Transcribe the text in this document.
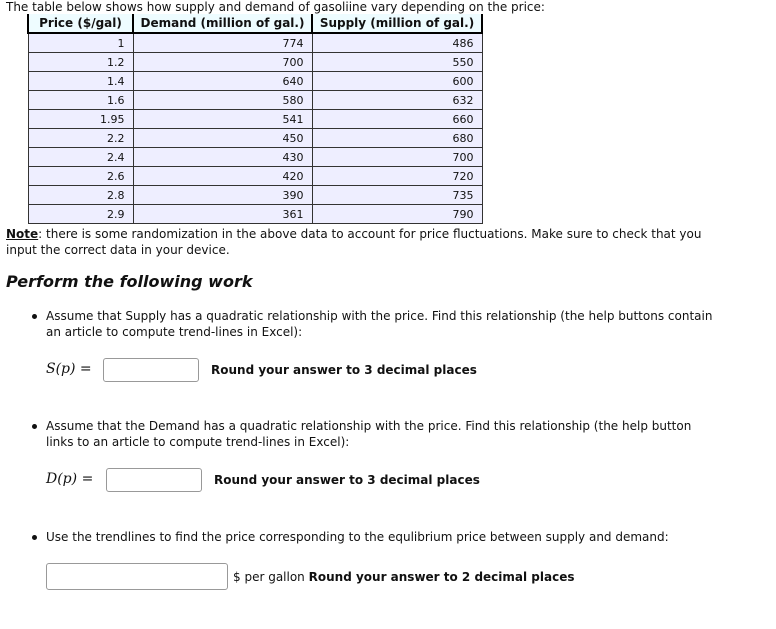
The table below shows how supply and demand of gasoliine vary depending on the price:
Price ($/gal)	Demand (million of gal.)	Supply (million of gal.)
1	774	486
1.2	700	550
1.4	640	600
1.6	580	632
1.95	541	660
2.2	450	680
2.4	430	700
2.6	420	720
2.8	390	735
2.9	361	790
Note: there is some randomization in the above data to account for price fluctuations. Make sure to check that you input the correct data in your device.
Perform the following work
Assume that Supply has a quadratic relationship with the price. Find this relationship (the help buttons contain an article to compute trend-lines in Excel):
S(p) =	Round your answer to 3 decimal places
Assume that the Demand has a quadratic relationship with the price. Find this relationship (the help button links to an article to compute trend-lines in Excel):
D(p) =	Round your answer to 3 decimal places
Use the trendlines to find the price corresponding to the equlibrium price between supply and demand:
$ per gallon Round your answer to 2 decimal places
